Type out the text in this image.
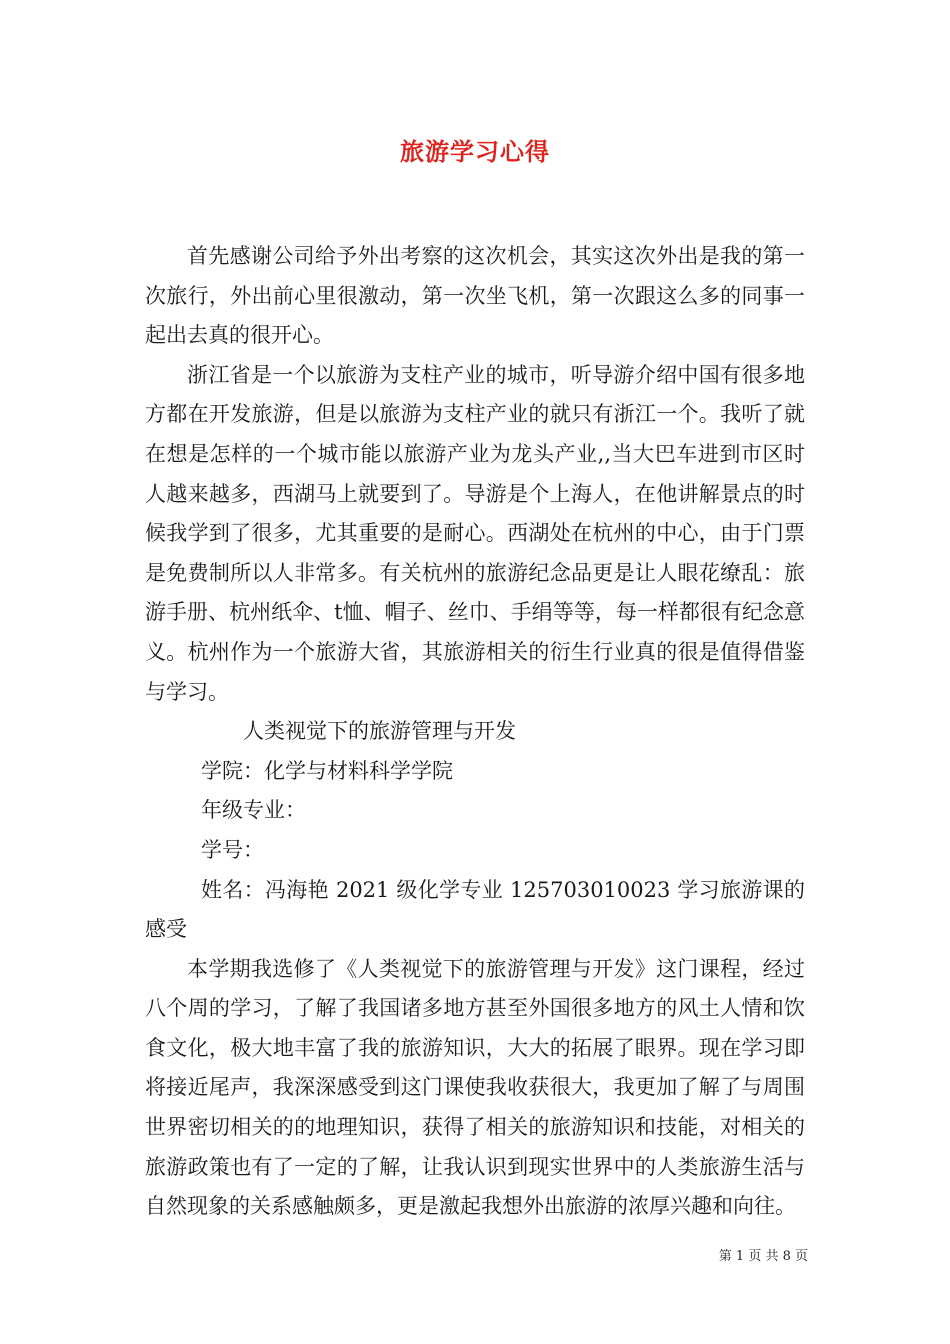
旅游学习心得

首先感谢公司给予外出考察的这次机会，其实这次外出是我的第一次旅行，外出前心里很激动，第一次坐飞机，第一次跟这么多的同事一起出去真的很开心。

浙江省是一个以旅游为支柱产业的城市，听导游介绍中国有很多地方都在开发旅游，但是以旅游为支柱产业的就只有浙江一个。我听了就在想是怎样的一个城市能以旅游产业为龙头产业,,当大巴车进到市区时人越来越多，西湖马上就要到了。导游是个上海人，在他讲解景点的时候我学到了很多，尤其重要的是耐心。西湖处在杭州的中心，由于门票是免费制所以人非常多。有关杭州的旅游纪念品更是让人眼花缭乱：旅游手册、杭州纸伞、t恤、帽子、丝巾、手绢等等，每一样都很有纪念意义。杭州作为一个旅游大省，其旅游相关的衍生行业真的很是值得借鉴与学习。

人类视觉下的旅游管理与开发

学院：化学与材料科学学院

年级专业：

学号：

姓名：冯海艳 2021 级化学专业 125703010023 学习旅游课的感受

本学期我选修了《人类视觉下的旅游管理与开发》这门课程，经过八个周的学习，了解了我国诸多地方甚至外国很多地方的风土人情和饮食文化，极大地丰富了我的旅游知识，大大的拓展了眼界。现在学习即将接近尾声，我深深感受到这门课使我收获很大，我更加了解了与周围世界密切相关的的地理知识，获得了相关的旅游知识和技能，对相关的旅游政策也有了一定的了解，让我认识到现实世界中的人类旅游生活与自然现象的关系感触颇多，更是激起我想外出旅游的浓厚兴趣和向往。

第 1 页 共 8 页
